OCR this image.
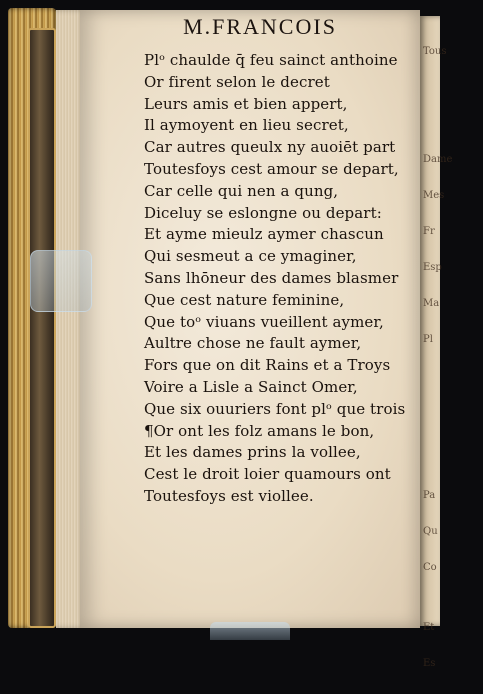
Tous

Dame

Mes

Fr

Esp

Ma

Pl

Pa

Qu

Co

Et

Es

M.FRANCOIS
Plᵒ chaulde q̄ feu sainct anthoine
Or firent selon le decret
Leurs amis et bien appert,
Il aymoyent en lieu secret,
Car autres queulx ny auoiēt part
Toutesfoys cest amour se depart,
Car celle qui nen a qung,
Diceluy se eslongne ou depart:
Et ayme mieulz aymer chascun
Qui sesmeut a ce ymaginer,
Sans lhōneur des dames blasmer
Que cest nature feminine,
Que toᵒ viuans vueillent aymer,
Aultre chose ne fault aymer,
Fors que on dit Rains et a Troys
Voire a Lisle a Sainct Omer,
Que six ouuriers font plᵒ que trois
¶Or ont les folz amans le bon,
Et les dames prins la vollee,
Cest le droit loier quamours ont
Toutesfoys est viollee.
